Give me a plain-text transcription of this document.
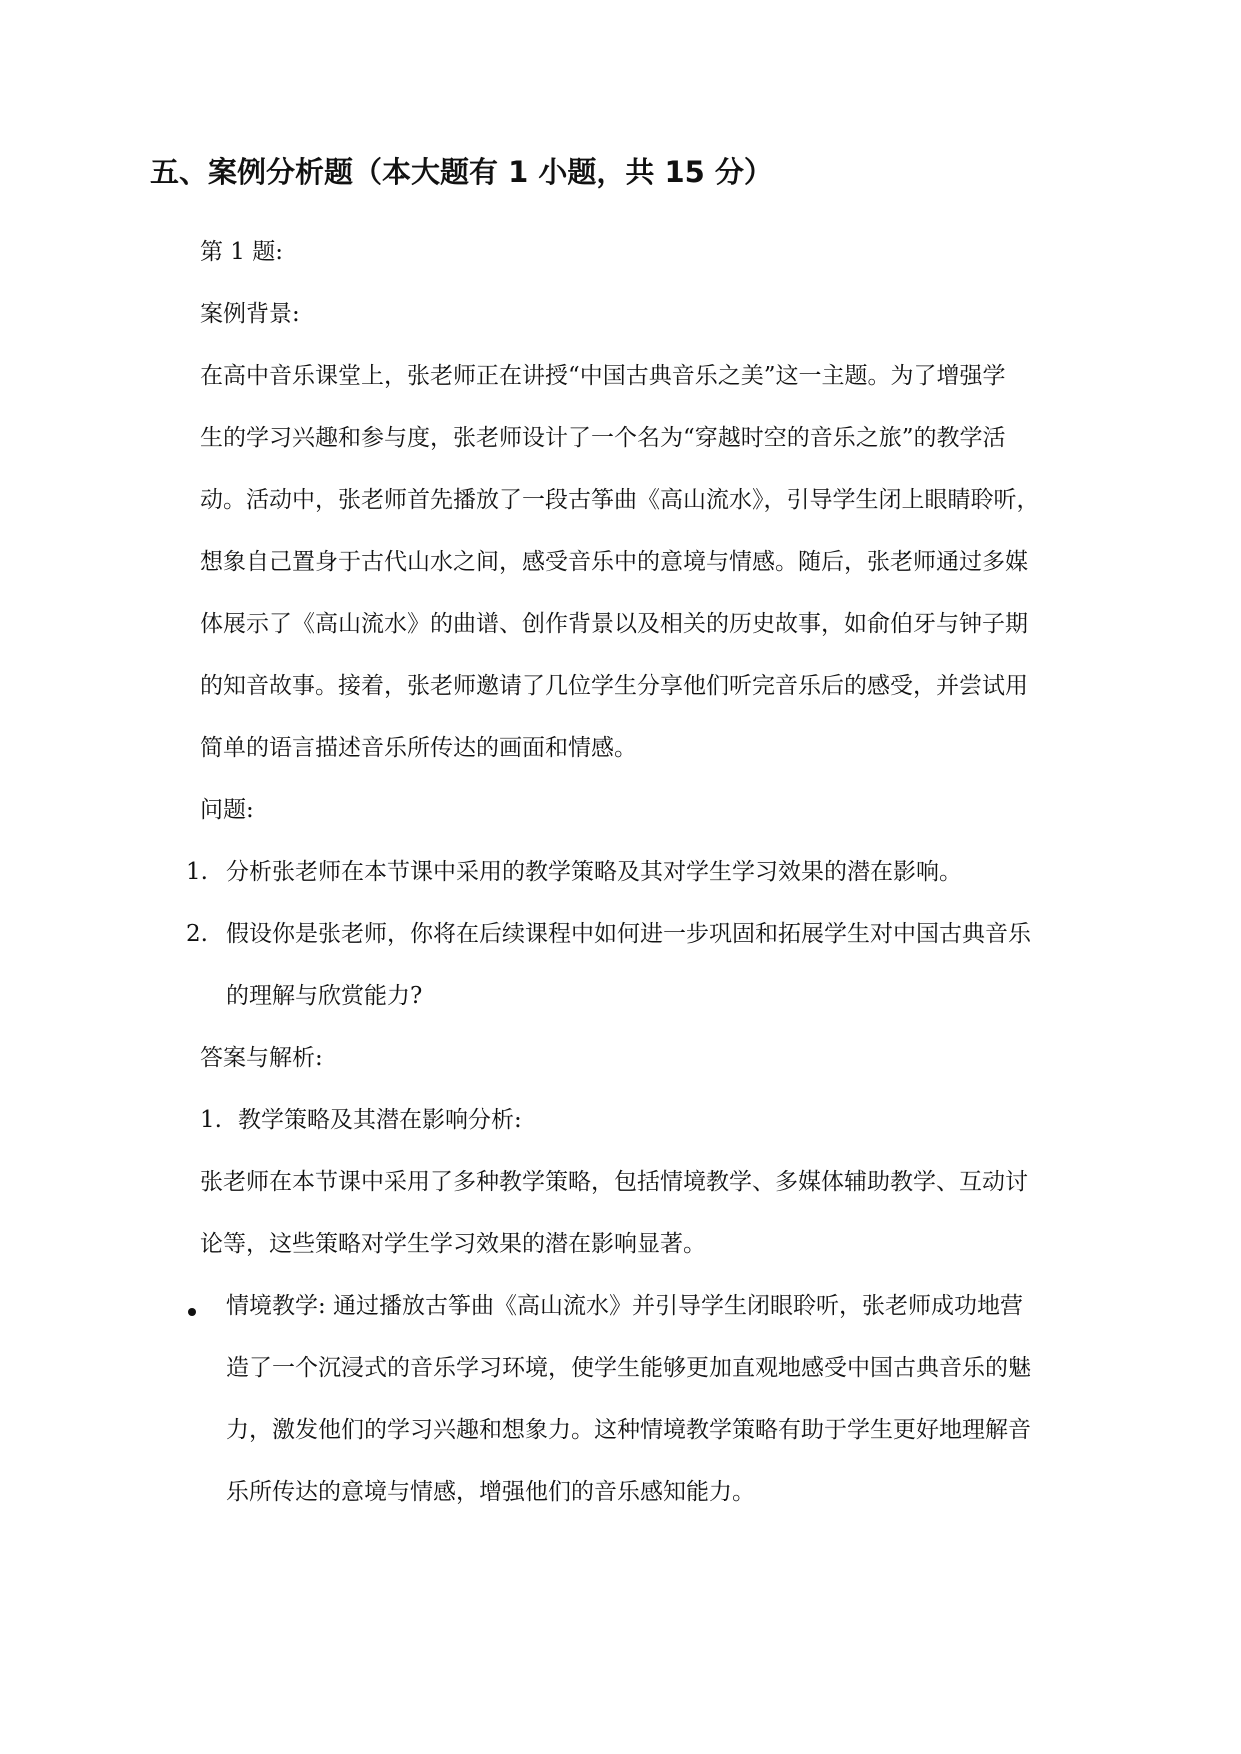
五、案例分析题（本大题有 1 小题，共 15 分）
第 1 题:
案例背景:
在高中音乐课堂上，张老师正在讲授“中国古典音乐之美”这一主题。为了增强学
生的学习兴趣和参与度，张老师设计了一个名为“穿越时空的音乐之旅”的教学活
动。活动中，张老师首先播放了一段古筝曲《高山流水》，引导学生闭上眼睛聆听，
想象自己置身于古代山水之间，感受音乐中的意境与情感。随后，张老师通过多媒
体展示了《高山流水》的曲谱、创作背景以及相关的历史故事，如俞伯牙与钟子期
的知音故事。接着，张老师邀请了几位学生分享他们听完音乐后的感受，并尝试用
简单的语言描述音乐所传达的画面和情感。
问题:
1. 分析张老师在本节课中采用的教学策略及其对学生学习效果的潜在影响。
2. 假设你是张老师，你将在后续课程中如何进一步巩固和拓展学生对中国古典音乐
的理解与欣赏能力?
答案与解析:
1. 教学策略及其潜在影响分析:
张老师在本节课中采用了多种教学策略，包括情境教学、多媒体辅助教学、互动讨
论等，这些策略对学生学习效果的潜在影响显著。
情境教学: 通过播放古筝曲《高山流水》并引导学生闭眼聆听，张老师成功地营
造了一个沉浸式的音乐学习环境，使学生能够更加直观地感受中国古典音乐的魅
力，激发他们的学习兴趣和想象力。这种情境教学策略有助于学生更好地理解音
乐所传达的意境与情感，增强他们的音乐感知能力。
